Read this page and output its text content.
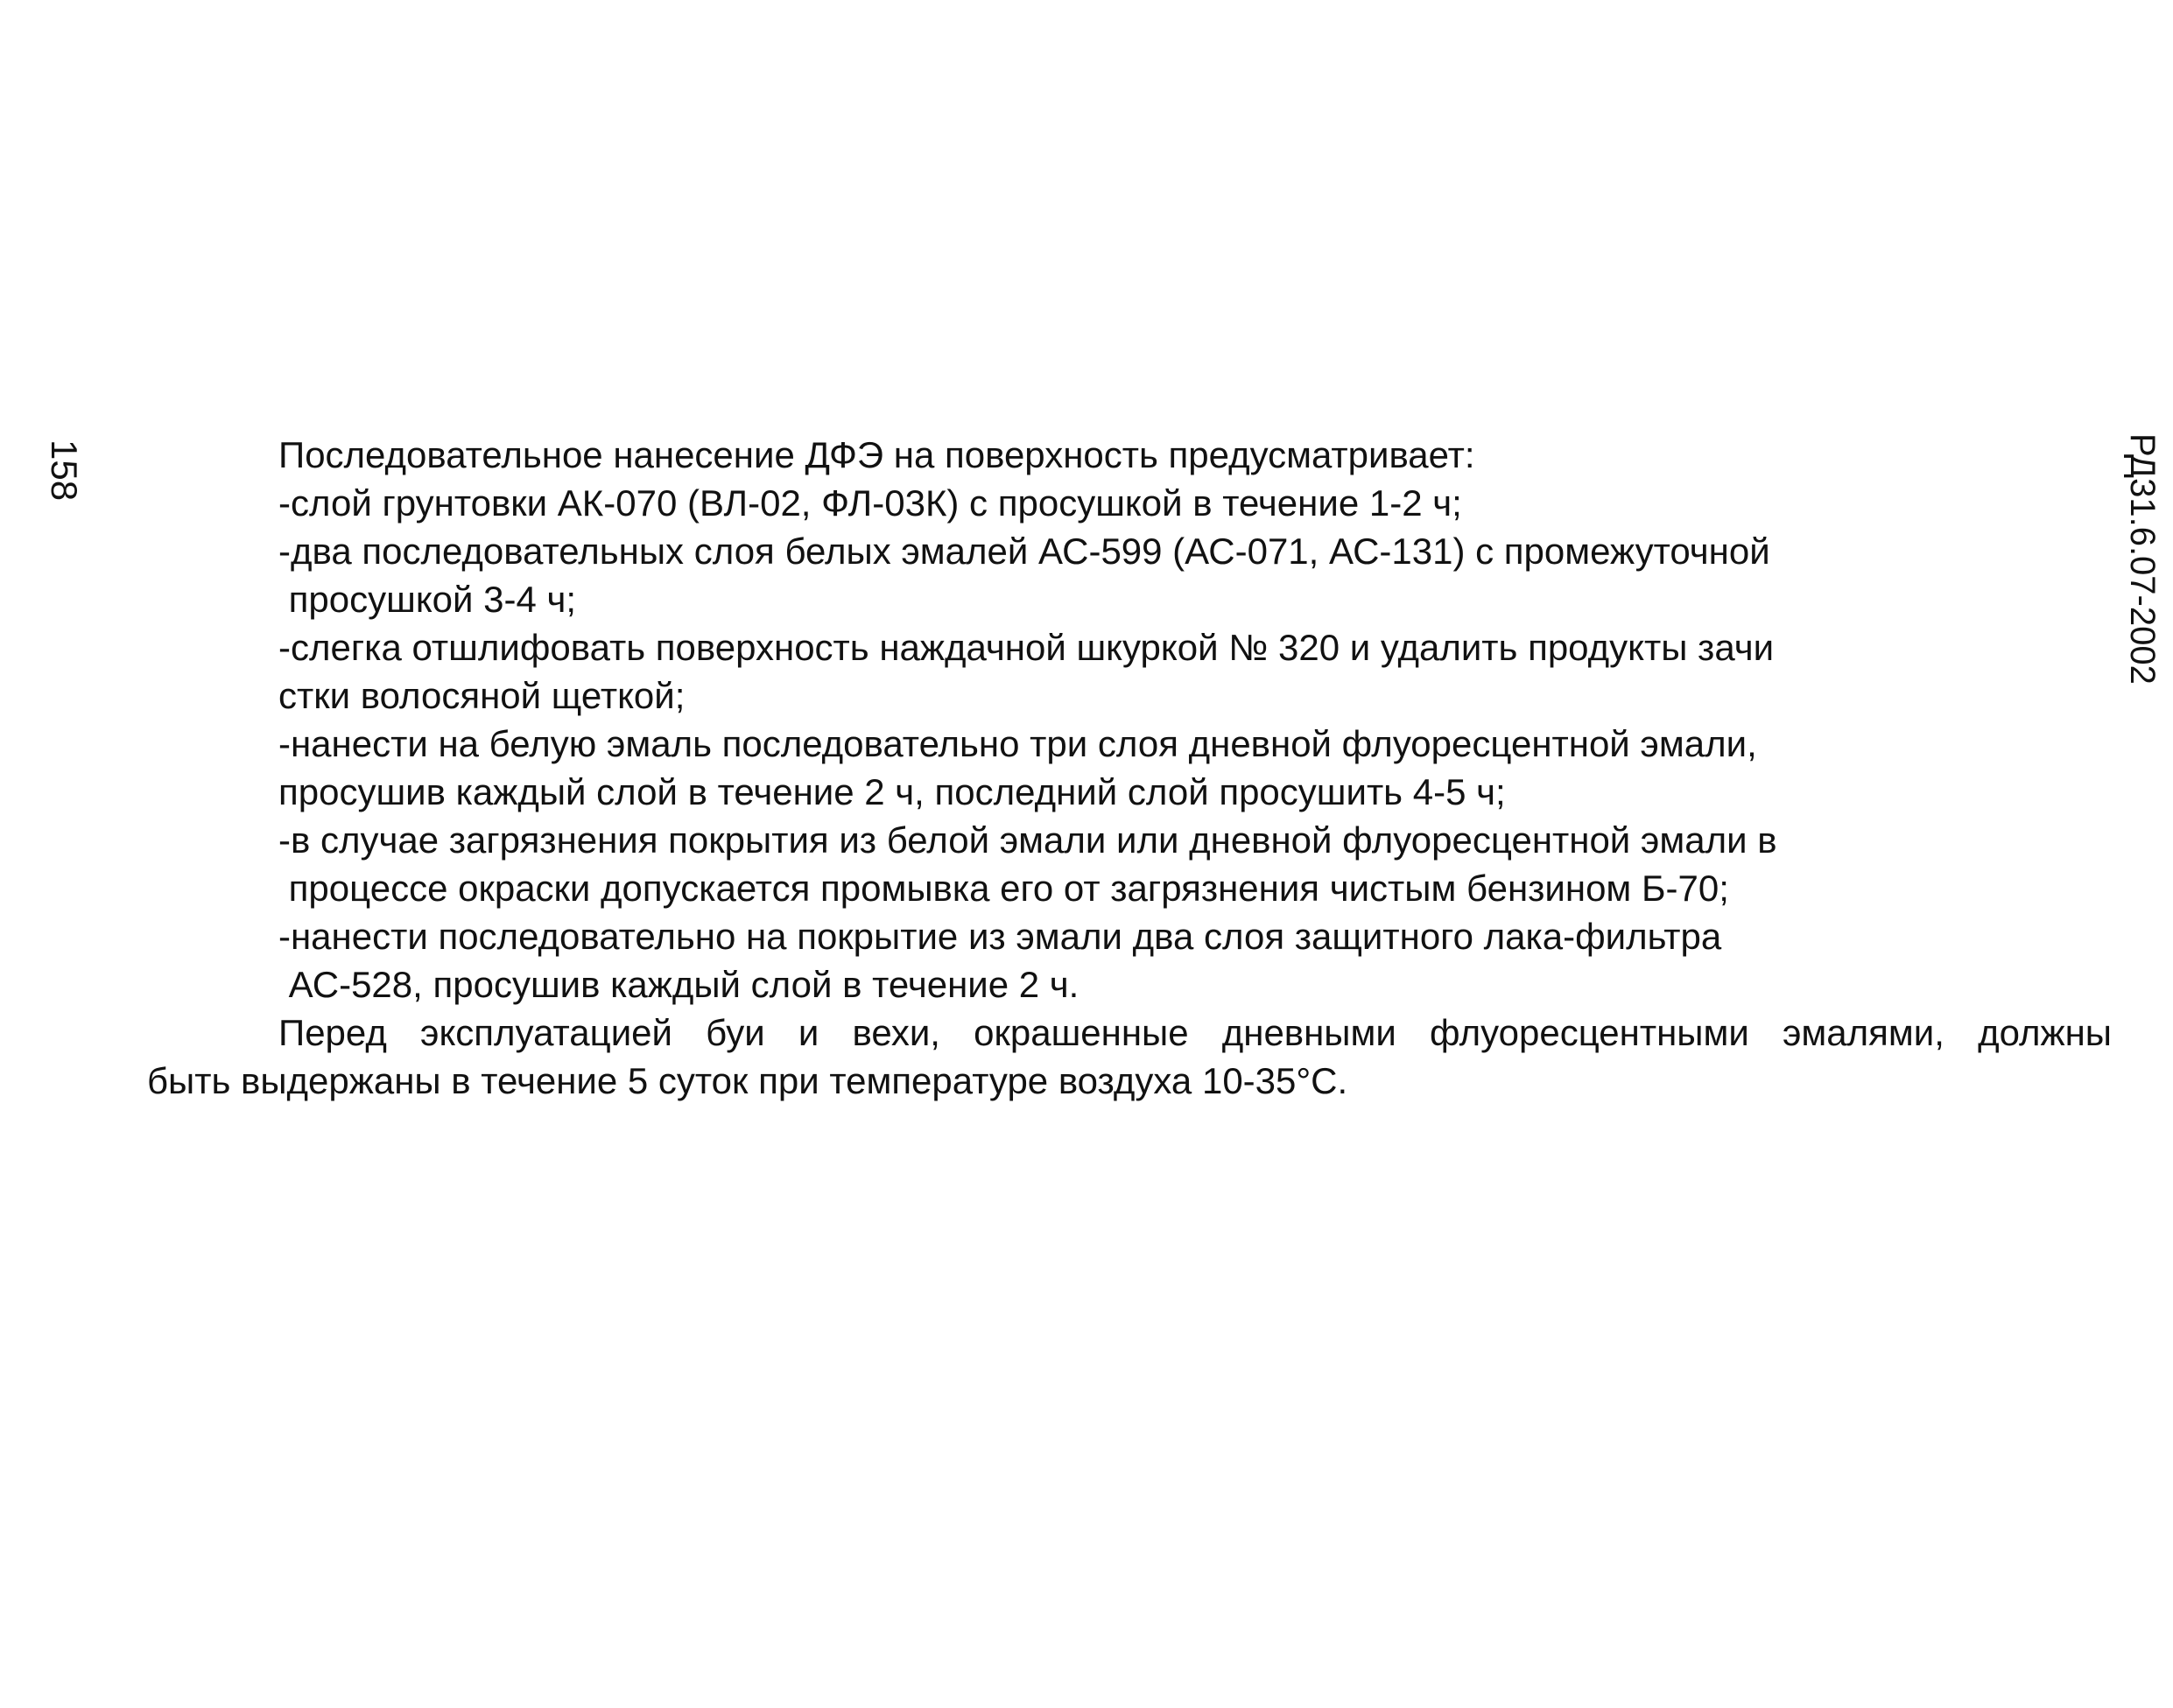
158	РД31.6.07-2002
Последовательное нанесение ДФЭ на поверхность предусматривает:
-слой грунтовки АК-070 (ВЛ-02, ФЛ-03К) с просушкой в течение 1-2 ч;
-два последовательных слоя белых эмалей АС-599 (АС-071, АС-131) с промежуточной
просушкой 3-4 ч;
-слегка отшлифовать поверхность наждачной шкуркой № 320 и удалить продукты зачи
стки волосяной щеткой;
-нанести на белую эмаль последовательно три слоя дневной флуоресцентной эмали,
просушив каждый слой в течение 2 ч, последний слой просушить 4-5 ч;
-в случае загрязнения покрытия из белой эмали или дневной флуоресцентной эмали в
процессе окраски допускается промывка его от загрязнения чистым бензином Б-70;
-нанести последовательно на покрытие из эмали два слоя защитного лака-фильтра
АС-528, просушив каждый слой в течение 2 ч.
Перед эксплуатацией буи и вехи, окрашенные дневными флуоресцентными эмалями, должны
быть выдержаны в течение 5 суток при температуре воздуха 10-35°С.
